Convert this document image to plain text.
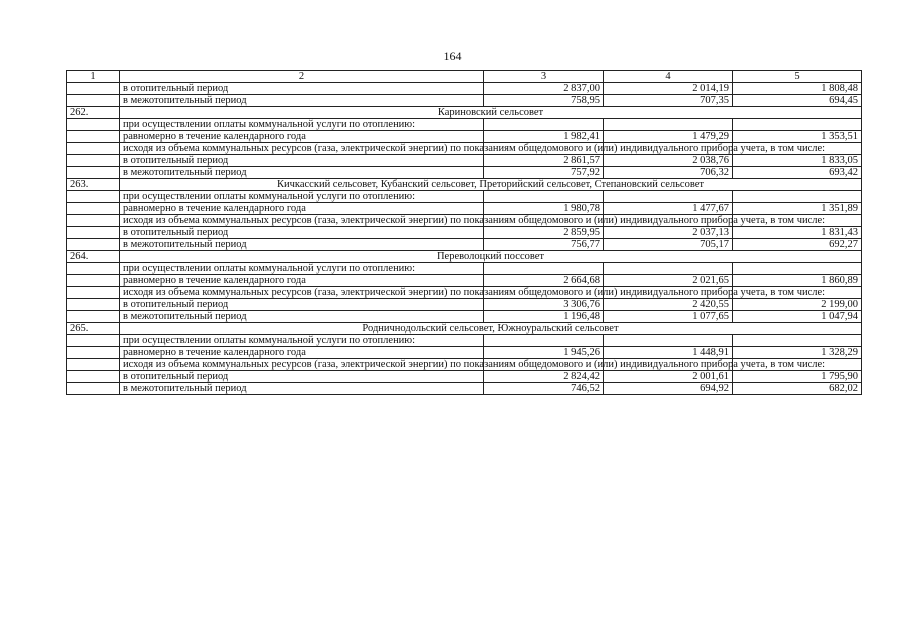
164
1	2	3	4	5
	в отопительный период	2 837,00	2 014,19	1 808,48
	в межотопительный период	758,95	707,35	694,45
262.	Кариновский сельсовет			
	при осуществлении оплаты коммунальной услуги по отоплению:			
	равномерно в течение календарного года	1 982,41	1 479,29	1 353,51
	исходя из объема коммунальных ресурсов (газа, электрической энергии) по показаниям общедомового и (или) индивидуального прибора учета, в том числе:			
	в отопительный период	2 861,57	2 038,76	1 833,05
	в межотопительный период	757,92	706,32	693,42
263.	Кичкасский сельсовет, Кубанский сельсовет, Преторийский сельсовет, Степановский сельсовет			
	при осуществлении оплаты коммунальной услуги по отоплению:			
	равномерно в течение календарного года	1 980,78	1 477,67	1 351,89
	исходя из объема коммунальных ресурсов (газа, электрической энергии) по показаниям общедомового и (или) индивидуального прибора учета, в том числе:			
	в отопительный период	2 859,95	2 037,13	1 831,43
	в межотопительный период	756,77	705,17	692,27
264.	Переволоцкий поссовет			
	при осуществлении оплаты коммунальной услуги по отоплению:			
	равномерно в течение календарного года	2 664,68	2 021,65	1 860,89
	исходя из объема коммунальных ресурсов (газа, электрической энергии) по показаниям общедомового и (или) индивидуального прибора учета, в том числе:			
	в отопительный период	3 306,76	2 420,55	2 199,00
	в межотопительный период	1 196,48	1 077,65	1 047,94
265.	Родничнодольский сельсовет, Южноуральский сельсовет			
	при осуществлении оплаты коммунальной услуги по отоплению:			
	равномерно в течение календарного года	1 945,26	1 448,91	1 328,29
	исходя из объема коммунальных ресурсов (газа, электрической энергии) по показаниям общедомового и (или) индивидуального прибора учета, в том числе:			
	в отопительный период	2 824,42	2 001,61	1 795,90
	в межотопительный период	746,52	694,92	682,02
